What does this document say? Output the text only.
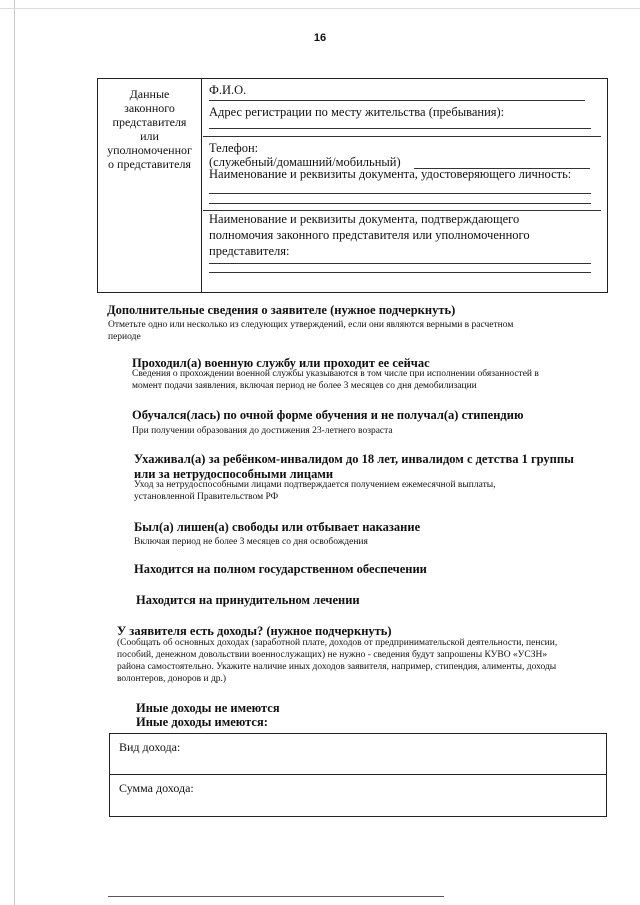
16
Данные
законного
представителя
или
уполномоченног
о представителя
Ф.И.О.
Адрес регистрации по месту жительства (пребывания):
Телефон:
(служебный/домашний/мобильный)
Наименование и реквизиты документа, удостоверяющего личность:
Наименование и реквизиты документа, подтверждающего
полномочия законного представителя или уполномоченного
представителя:
Дополнительные сведения о заявителе (нужное подчеркнуть)
Отметьте одно или несколько из следующих утверждений, если они являются верными в расчетном
периоде
Проходил(а) военную службу или проходит ее сейчас
Сведения о прохождении военной службы указываются в том числе при исполнении обязанностей в
момент подачи заявления, включая период не более 3 месяцев со дня демобилизации
Обучался(лась) по очной форме обучения и не получал(а) стипендию
При получении образования до достижения 23-летнего возраста
Ухаживал(а) за ребёнком-инвалидом до 18 лет, инвалидом с детства 1 группы
или за нетрудоспособными лицами
Уход за нетрудоспособными лицами подтверждается получением ежемесячной выплаты,
установленной Правительством РФ
Был(а) лишен(а) свободы или отбывает наказание
Включая период не более 3 месяцев со дня освобождения
Находится на полном государственном обеспечении
Находится на принудительном лечении
У заявителя есть доходы? (нужное подчеркнуть)
(Сообщать об основных доходах (заработной плате, доходов от предпринимательской деятельности, пенсии,
пособий, денежном довольствии военнослужащих) не нужно - сведения будут запрошены КУВО «УСЗН»
района самостоятельно. Укажите наличие иных доходов заявителя, например, стипендия, алименты, доходы
волонтеров, доноров и др.)
Иные доходы не имеются
Иные доходы имеются:
Вид дохода:
Сумма дохода:
